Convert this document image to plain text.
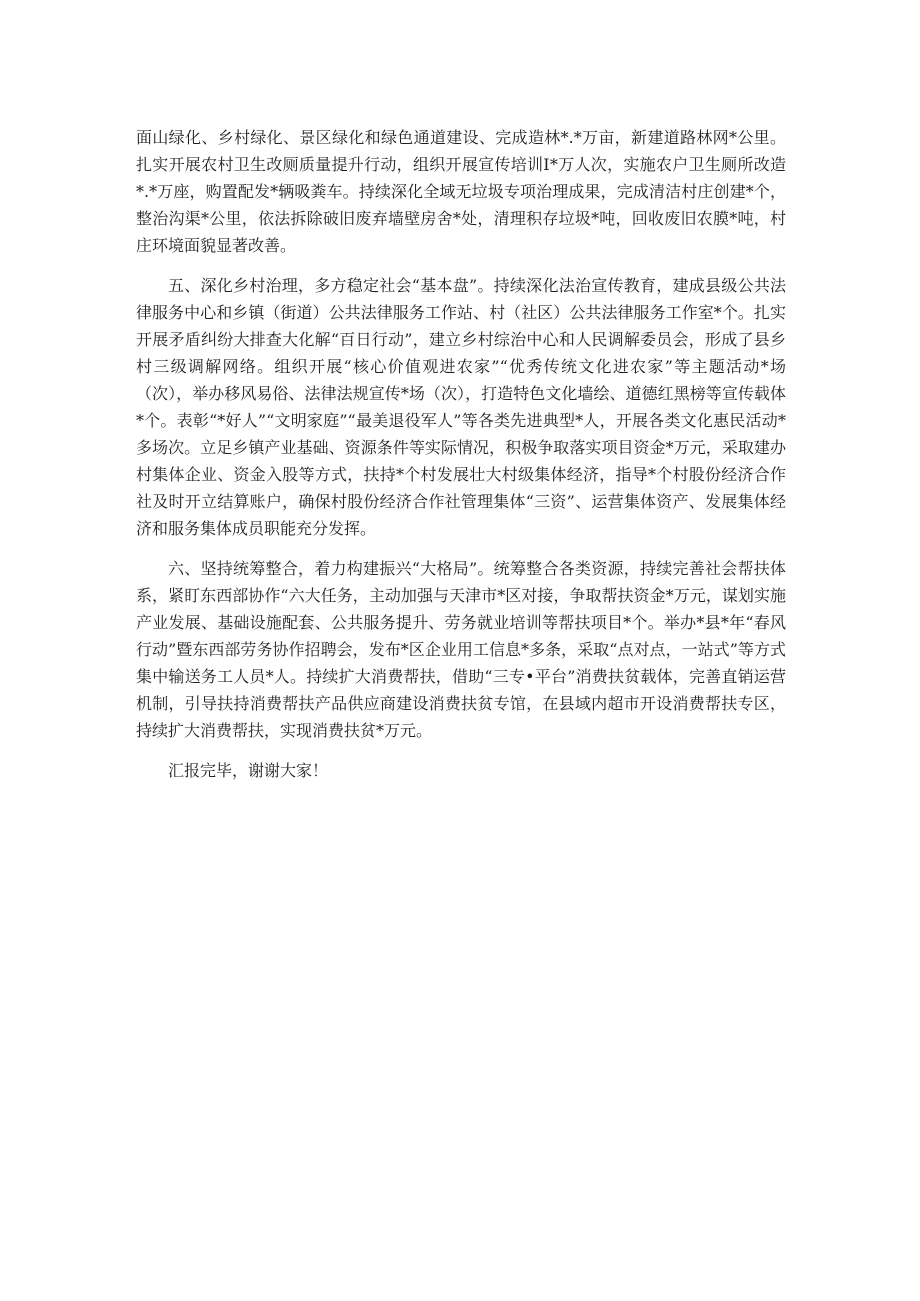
面山绿化、乡村绿化、景区绿化和绿色通道建设、完成造林*.*万亩，新建道路林网*公里。扎实开展农村卫生改厕质量提升行动，组织开展宣传培训Ⅰ*万人次，实施农户卫生厕所改造*.*万座，购置配发*辆吸粪车。持续深化全域无垃圾专项治理成果，完成清洁村庄创建*个，整治沟渠*公里，依法拆除破旧废弃墙壁房舍*处，清理积存垃圾*吨，回收废旧农膜*吨，村庄环境面貌显著改善。

五、深化乡村治理，多方稳定社会“基本盘”。持续深化法治宣传教育，建成县级公共法律服务中心和乡镇（街道）公共法律服务工作站、村（社区）公共法律服务工作室*个。扎实开展矛盾纠纷大排查大化解“百日行动”，建立乡村综治中心和人民调解委员会，形成了县乡村三级调解网络。组织开展“核心价值观进农家”“优秀传统文化进农家”等主题活动*场（次），举办移风易俗、法律法规宣传*场（次），打造特色文化墙绘、道德红黑榜等宣传载体*个。表彰“*好人”“文明家庭”“最美退役军人”等各类先进典型*人，开展各类文化惠民活动*多场次。立足乡镇产业基础、资源条件等实际情况，积极争取落实项目资金*万元，采取建办村集体企业、资金入股等方式，扶持*个村发展壮大村级集体经济，指导*个村股份经济合作社及时开立结算账户，确保村股份经济合作社管理集体“三资”、运营集体资产、发展集体经济和服务集体成员职能充分发挥。

六、坚持统筹整合，着力构建振兴“大格局”。统筹整合各类资源，持续完善社会帮扶体系，紧盯东西部协作“六大任务，主动加强与天津市*区对接，争取帮扶资金*万元，谋划实施产业发展、基础设施配套、公共服务提升、劳务就业培训等帮扶项目*个。举办*县*年“春风行动”暨东西部劳务协作招聘会，发布*区企业用工信息*多条，采取“点对点，一站式”等方式集中输送务工人员*人。持续扩大消费帮扶，借助“三专•平台”消费扶贫载体，完善直销运营机制，引导扶持消费帮扶产品供应商建设消费扶贫专馆，在县域内超市开设消费帮扶专区，持续扩大消费帮扶，实现消费扶贫*万元。

汇报完毕，谢谢大家！
